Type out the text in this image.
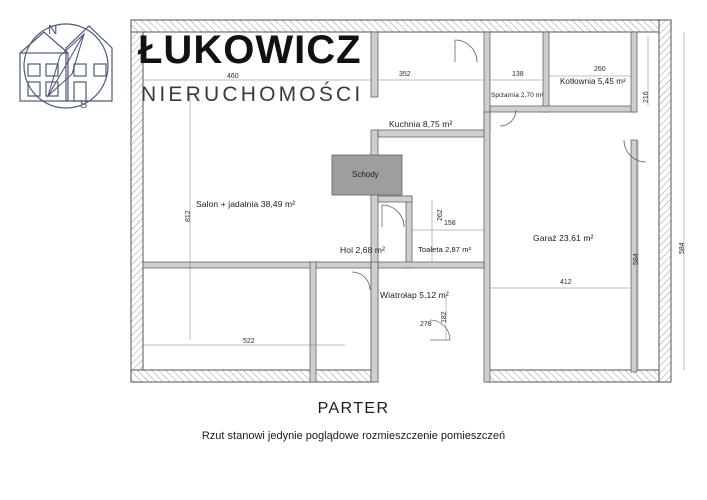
N
S
ŁUKOWICZ
NIERUCHOMOŚCI
Salon + jadalnia 38,49 m²
Kuchnia 8,75 m²
Spiżarnia 2,70 m²
Kotłownia 5,45 m²
Garaż 23,61 m²
Hol 2,68 m²	Toaleta 2,87 m²
Wiatrołap 5,12 m²
Schody
460	352	138
260
158
412
522
278
812
216
262
584
584
182
PARTER
Rzut stanowi jedynie poglądowe rozmieszczenie pomieszczeń
